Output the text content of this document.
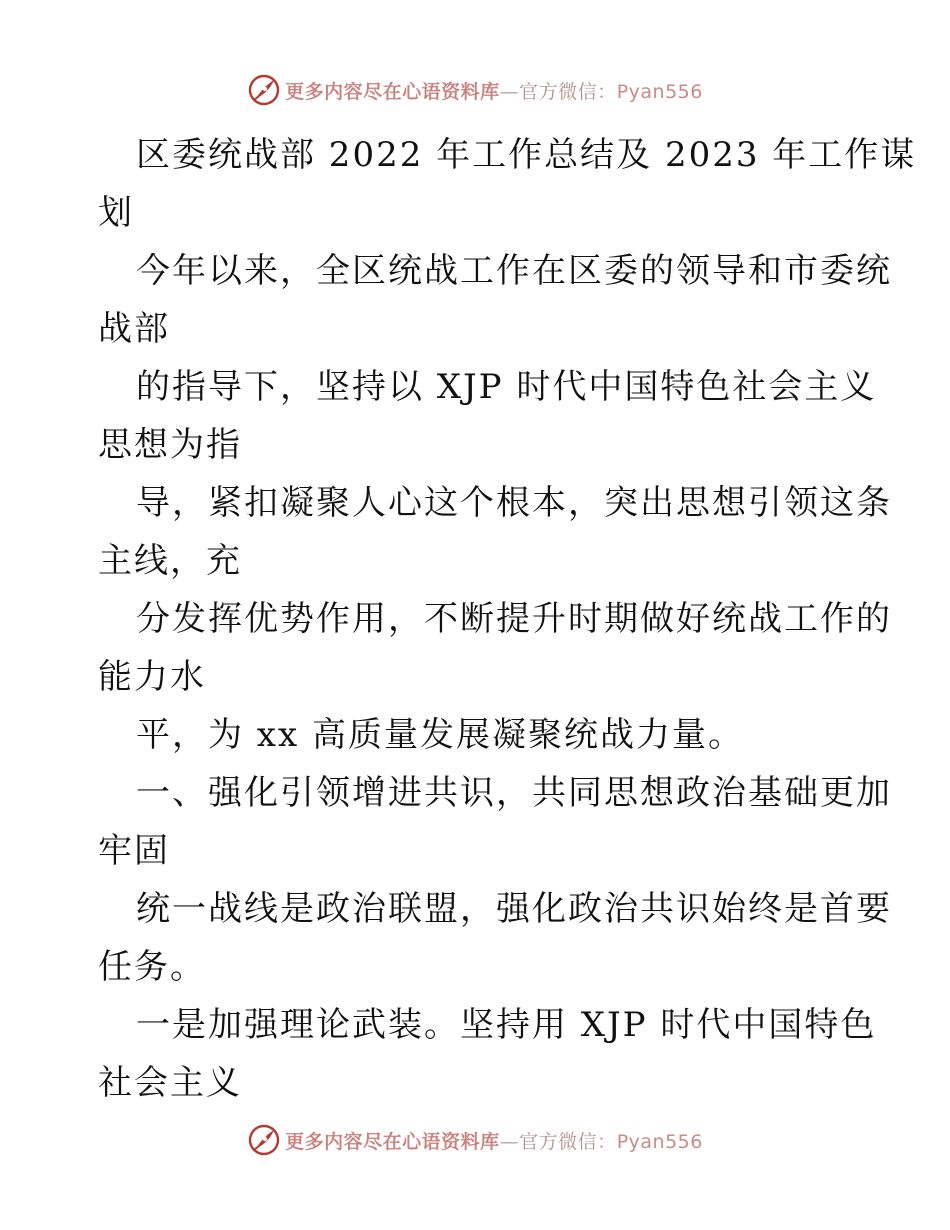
更多内容尽在心语资料库—官方微信：Pyan556
区委统战部 2022 年工作总结及 2023 年工作谋
划
今年以来，全区统战工作在区委的领导和市委统
战部
的指导下，坚持以 XJP 时代中国特色社会主义
思想为指
导，紧扣凝聚人心这个根本，突出思想引领这条
主线，充
分发挥优势作用，不断提升时期做好统战工作的
能力水
平，为 xx 高质量发展凝聚统战力量。
一、强化引领增进共识，共同思想政治基础更加
牢固
统一战线是政治联盟，强化政治共识始终是首要
任务。
一是加强理论武装。坚持用 XJP 时代中国特色
社会主义
更多内容尽在心语资料库—官方微信：Pyan556
